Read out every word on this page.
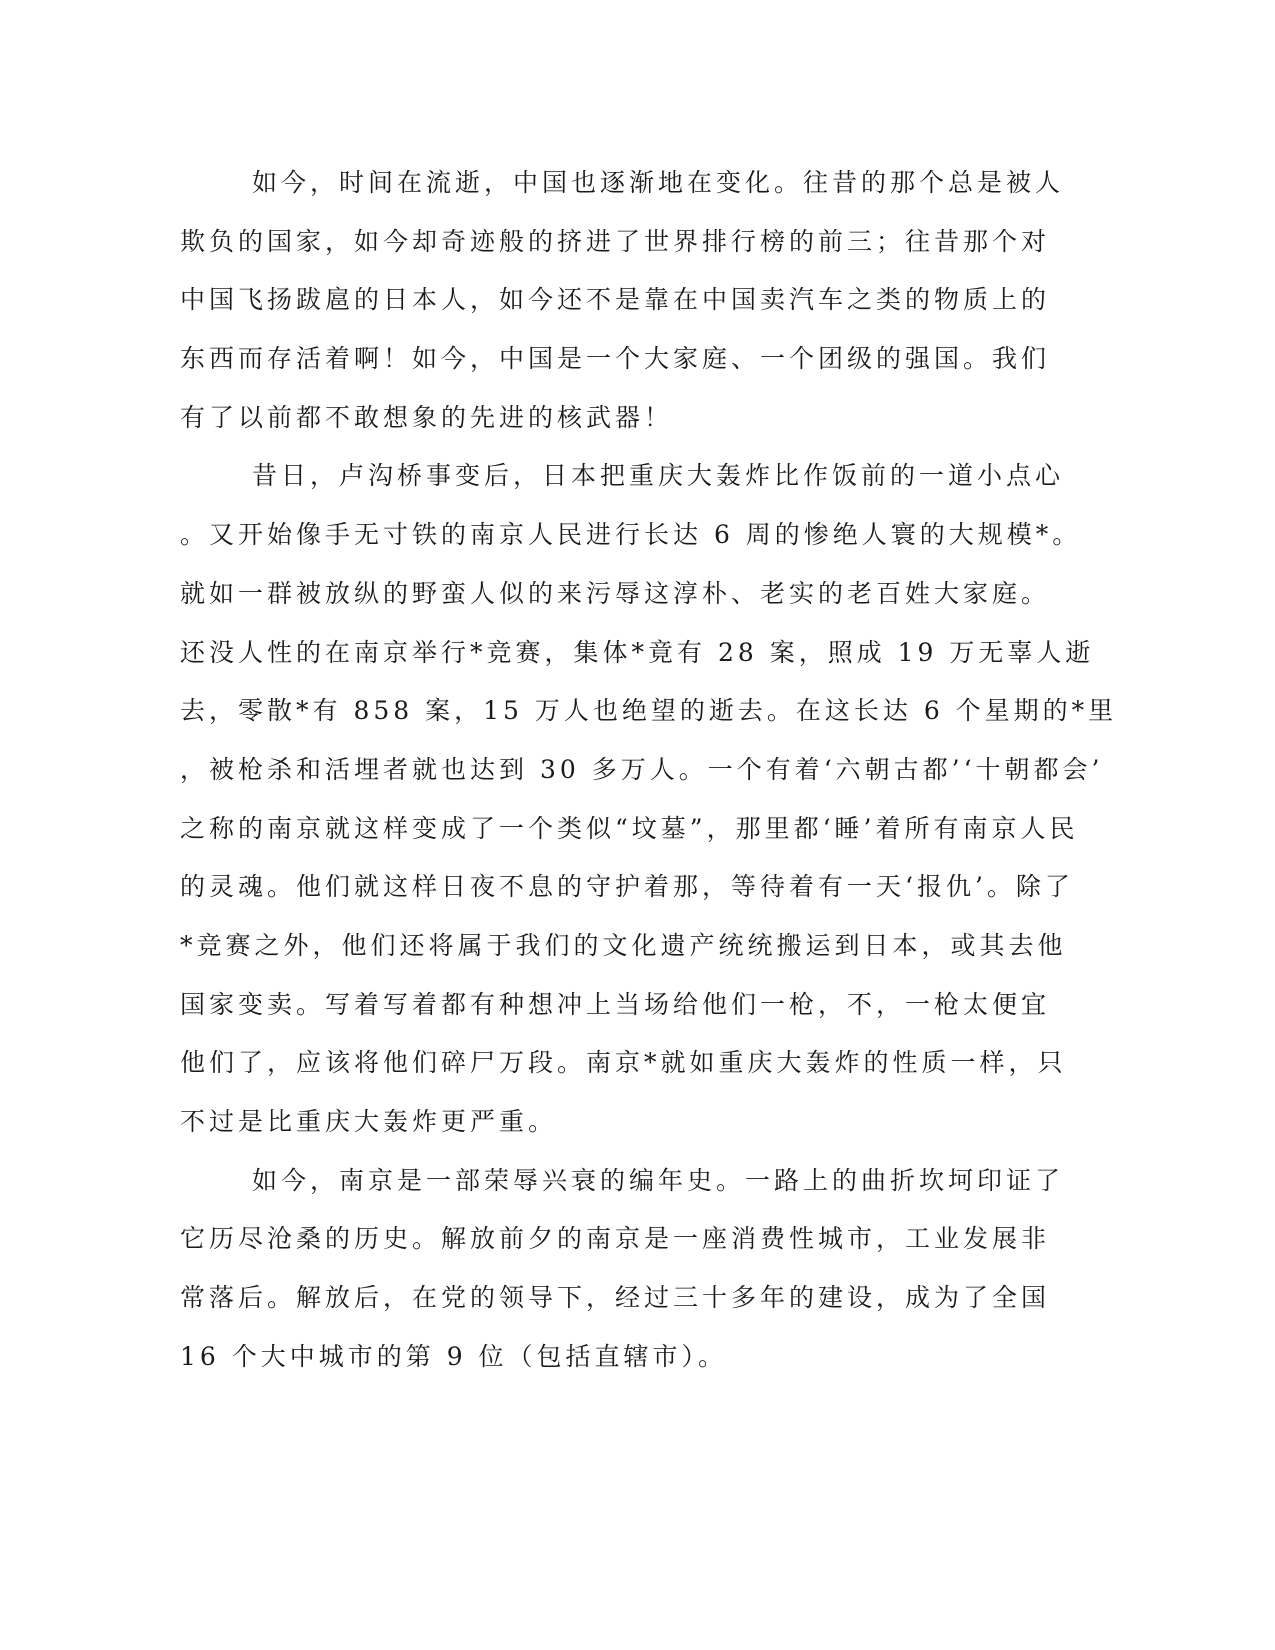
如今，时间在流逝，中国也逐渐地在变化。往昔的那个总是被人
欺负的国家，如今却奇迹般的挤进了世界排行榜的前三；往昔那个对
中国飞扬跋扈的日本人，如今还不是靠在中国卖汽车之类的物质上的
东西而存活着啊！如今，中国是一个大家庭、一个团级的强国。我们
有了以前都不敢想象的先进的核武器！
昔日，卢沟桥事变后，日本把重庆大轰炸比作饭前的一道小点心
。又开始像手无寸铁的南京人民进行长达 6 周的惨绝人寰的大规模*。
就如一群被放纵的野蛮人似的来污辱这淳朴、老实的老百姓大家庭。
还没人性的在南京举行*竞赛，集体*竟有 28 案，照成 19 万无辜人逝
去，零散*有 858 案，15 万人也绝望的逝去。在这长达 6 个星期的*里
，被枪杀和活埋者就也达到 30 多万人。一个有着‘六朝古都’‘十朝都会’
之称的南京就这样变成了一个类似“坟墓”，那里都‘睡’着所有南京人民
的灵魂。他们就这样日夜不息的守护着那，等待着有一天‘报仇’。除了
*竞赛之外，他们还将属于我们的文化遗产统统搬运到日本，或其去他
国家变卖。写着写着都有种想冲上当场给他们一枪，不，一枪太便宜
他们了，应该将他们碎尸万段。南京*就如重庆大轰炸的性质一样，只
不过是比重庆大轰炸更严重。
如今，南京是一部荣辱兴衰的编年史。一路上的曲折坎坷印证了
它历尽沧桑的历史。解放前夕的南京是一座消费性城市，工业发展非
常落后。解放后，在党的领导下，经过三十多年的建设，成为了全国
16 个大中城市的第 9 位（包括直辖市）。
